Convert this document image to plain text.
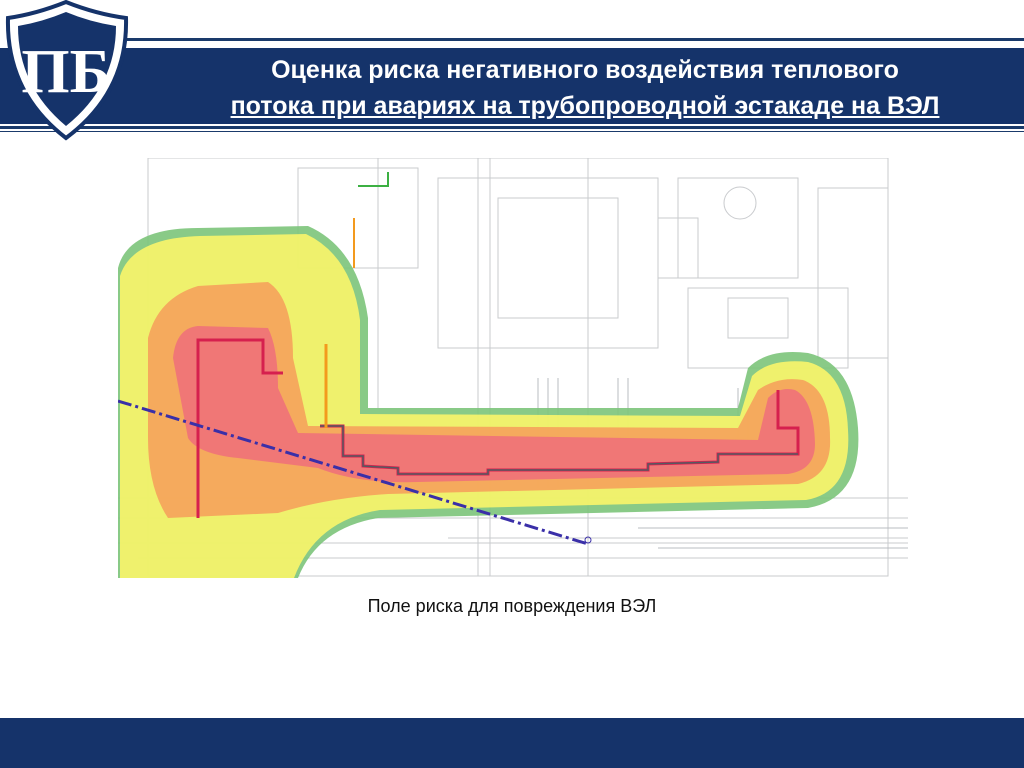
Оценка риска негативного воздействия теплового
потока при авариях на трубопроводной эстакаде на ВЭЛ
ПБ

Поле риска для повреждения ВЭЛ
